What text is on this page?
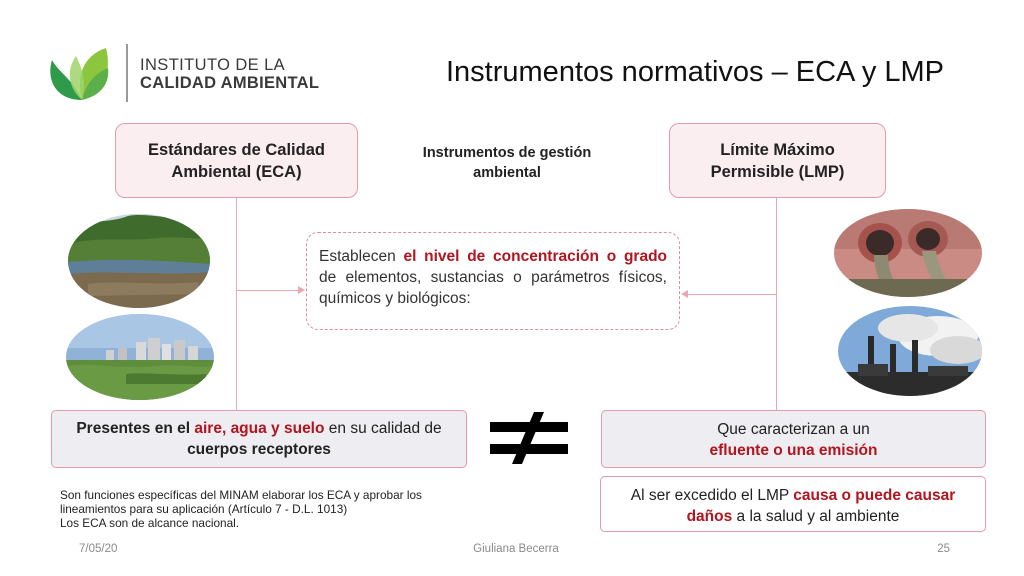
INSTITUTO DE LA
CALIDAD AMBIENTAL	Instrumentos normativos – ECA y LMP
Estándares de Calidad Ambiental (ECA)
Instrumentos de gestión ambiental
Límite Máximo Permisible (LMP)
Establecen el nivel de concentración o grado de elementos, sustancias o parámetros físicos, químicos y biológicos:
Presentes en el aire, agua y suelo en su calidad de cuerpos receptores
Que caracterizan a un
efluente o una emisión
Al ser excedido el LMP causa o puede causar daños a la salud y al ambiente
Son funciones específicas del MINAM elaborar los ECA y aprobar los lineamientos para su aplicación (Artículo 7 - D.L. 1013)
Los ECA son de alcance nacional.
7/05/20	Giuliana Becerra	25
